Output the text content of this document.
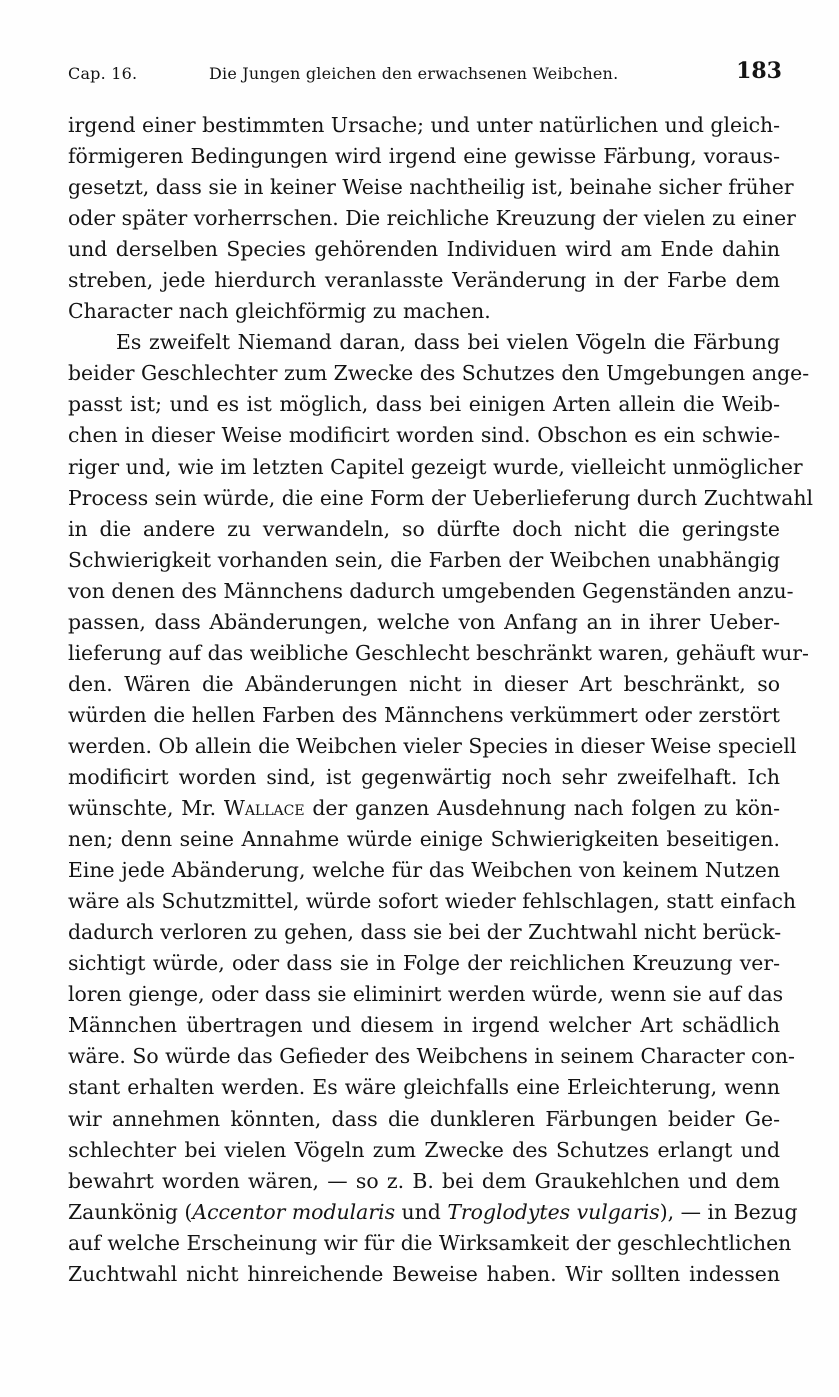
Cap. 16.	Die Jungen gleichen den erwachsenen Weibchen.	183
irgend einer bestimmten Ursache; und unter natürlichen und gleich-
förmigeren Bedingungen wird irgend eine gewisse Färbung, voraus-
gesetzt, dass sie in keiner Weise nachtheilig ist, beinahe sicher früher
oder später vorherrschen. Die reichliche Kreuzung der vielen zu einer
und derselben Species gehörenden Individuen wird am Ende dahin
streben, jede hierdurch veranlasste Veränderung in der Farbe dem
Character nach gleichförmig zu machen.
Es zweifelt Niemand daran, dass bei vielen Vögeln die Färbung
beider Geschlechter zum Zwecke des Schutzes den Umgebungen ange-
passt ist; und es ist möglich, dass bei einigen Arten allein die Weib-
chen in dieser Weise modificirt worden sind. Obschon es ein schwie-
riger und, wie im letzten Capitel gezeigt wurde, vielleicht unmöglicher
Process sein würde, die eine Form der Ueberlieferung durch Zuchtwahl
in die andere zu verwandeln, so dürfte doch nicht die geringste
Schwierigkeit vorhanden sein, die Farben der Weibchen unabhängig
von denen des Männchens dadurch umgebenden Gegenständen anzu-
passen, dass Abänderungen, welche von Anfang an in ihrer Ueber-
lieferung auf das weibliche Geschlecht beschränkt waren, gehäuft wur-
den. Wären die Abänderungen nicht in dieser Art beschränkt, so
würden die hellen Farben des Männchens verkümmert oder zerstört
werden. Ob allein die Weibchen vieler Species in dieser Weise speciell
modificirt worden sind, ist gegenwärtig noch sehr zweifelhaft. Ich
wünschte, Mr. Wallace der ganzen Ausdehnung nach folgen zu kön-
nen; denn seine Annahme würde einige Schwierigkeiten beseitigen.
Eine jede Abänderung, welche für das Weibchen von keinem Nutzen
wäre als Schutzmittel, würde sofort wieder fehlschlagen, statt einfach
dadurch verloren zu gehen, dass sie bei der Zuchtwahl nicht berück-
sichtigt würde, oder dass sie in Folge der reichlichen Kreuzung ver-
loren gienge, oder dass sie eliminirt werden würde, wenn sie auf das
Männchen übertragen und diesem in irgend welcher Art schädlich
wäre. So würde das Gefieder des Weibchens in seinem Character con-
stant erhalten werden. Es wäre gleichfalls eine Erleichterung, wenn
wir annehmen könnten, dass die dunkleren Färbungen beider Ge-
schlechter bei vielen Vögeln zum Zwecke des Schutzes erlangt und
bewahrt worden wären, — so z. B. bei dem Graukehlchen und dem
Zaunkönig (Accentor modularis und Troglodytes vulgaris), — in Bezug
auf welche Erscheinung wir für die Wirksamkeit der geschlechtlichen
Zuchtwahl nicht hinreichende Beweise haben. Wir sollten indessen
